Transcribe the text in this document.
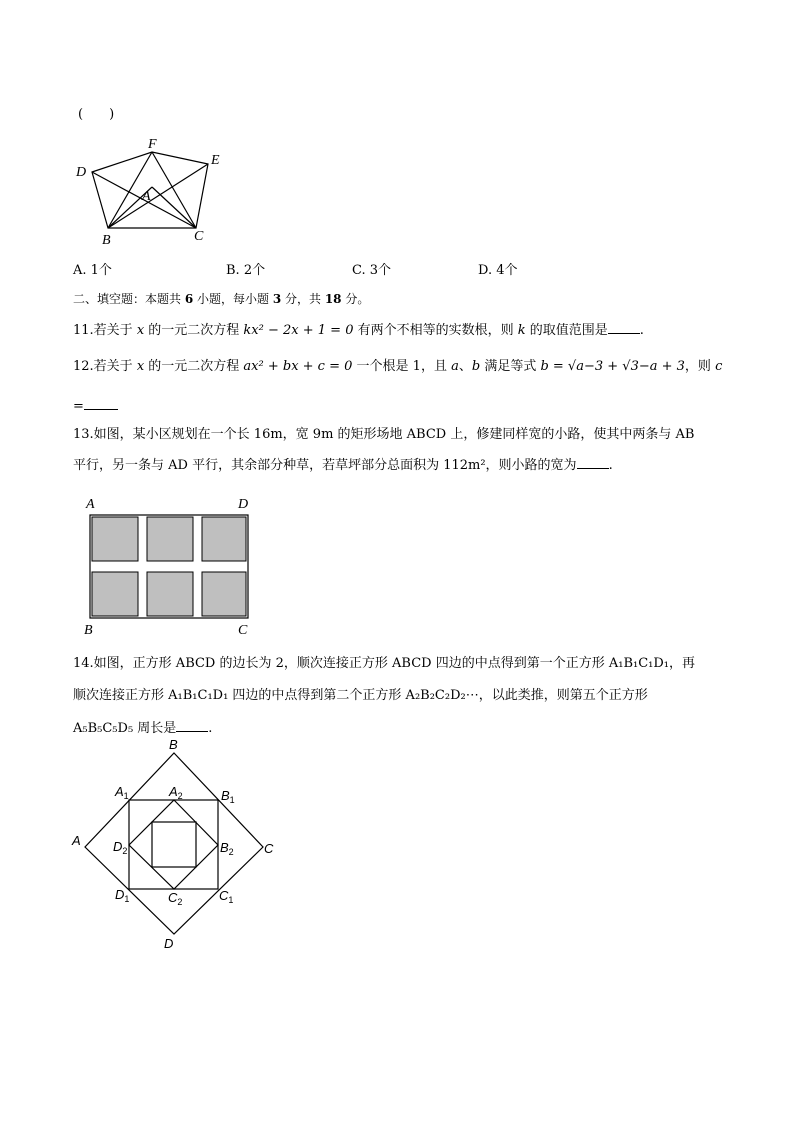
(　　)
F
E
D
A
B	C
A. 1个	B. 2个	C. 3个	D. 4个
二、填空题：本题共 6 小题，每小题 3 分，共 18 分。
11.若关于 x 的一元二次方程 kx² − 2x + 1 = 0 有两个不相等的实数根，则 k 的取值范围是 .
12.若关于 x 的一元二次方程 ax² + bx + c = 0 一个根是 1，且 a、b 满足等式 b = √a−3 + √3−a + 3，则 c
=
13.如图，某小区规划在一个长 16m，宽 9m 的矩形场地 ABCD 上，修建同样宽的小路，使其中两条与 AB
平行，另一条与 AD 平行，其余部分种草，若草坪部分总面积为 112m²，则小路的宽为 .
A	D
B	C
14.如图，正方形 ABCD 的边长为 2，顺次连接正方形 ABCD 四边的中点得到第一个正方形 A₁B₁C₁D₁，再
顺次连接正方形 A₁B₁C₁D₁ 四边的中点得到第二个正方形 A₂B₂C₂D₂⋯，以此类推，则第五个正方形
A₅B₅C₅D₅ 周长是 .
B
A
C
D
$A_1$	$A_2$	$B_1$
$D_2$	$B_2$
$D_1$	$C_2$	$C_1$
